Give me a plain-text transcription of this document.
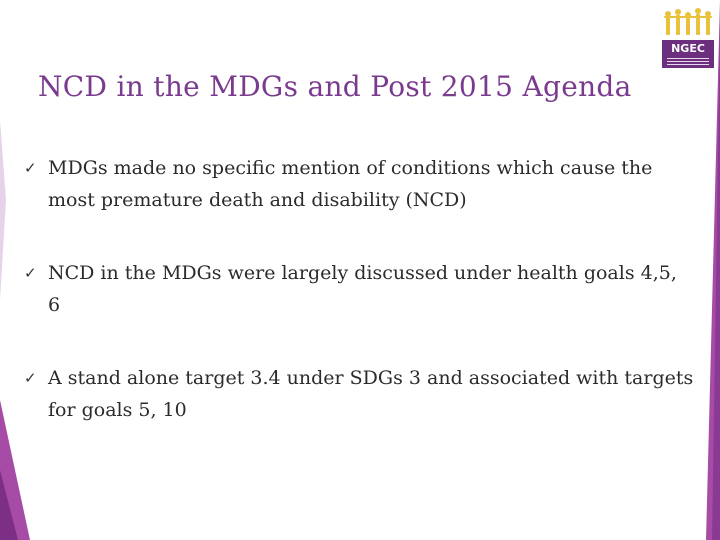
NGEC
NCD in the MDGs and Post 2015 Agenda
✓ MDGs made no specific mention of conditions which cause the most premature death and disability (NCD)
✓ NCD in the MDGs were largely discussed under health goals 4,5, 6
✓ A stand alone target 3.4 under SDGs 3 and associated with targets for goals 5, 10
